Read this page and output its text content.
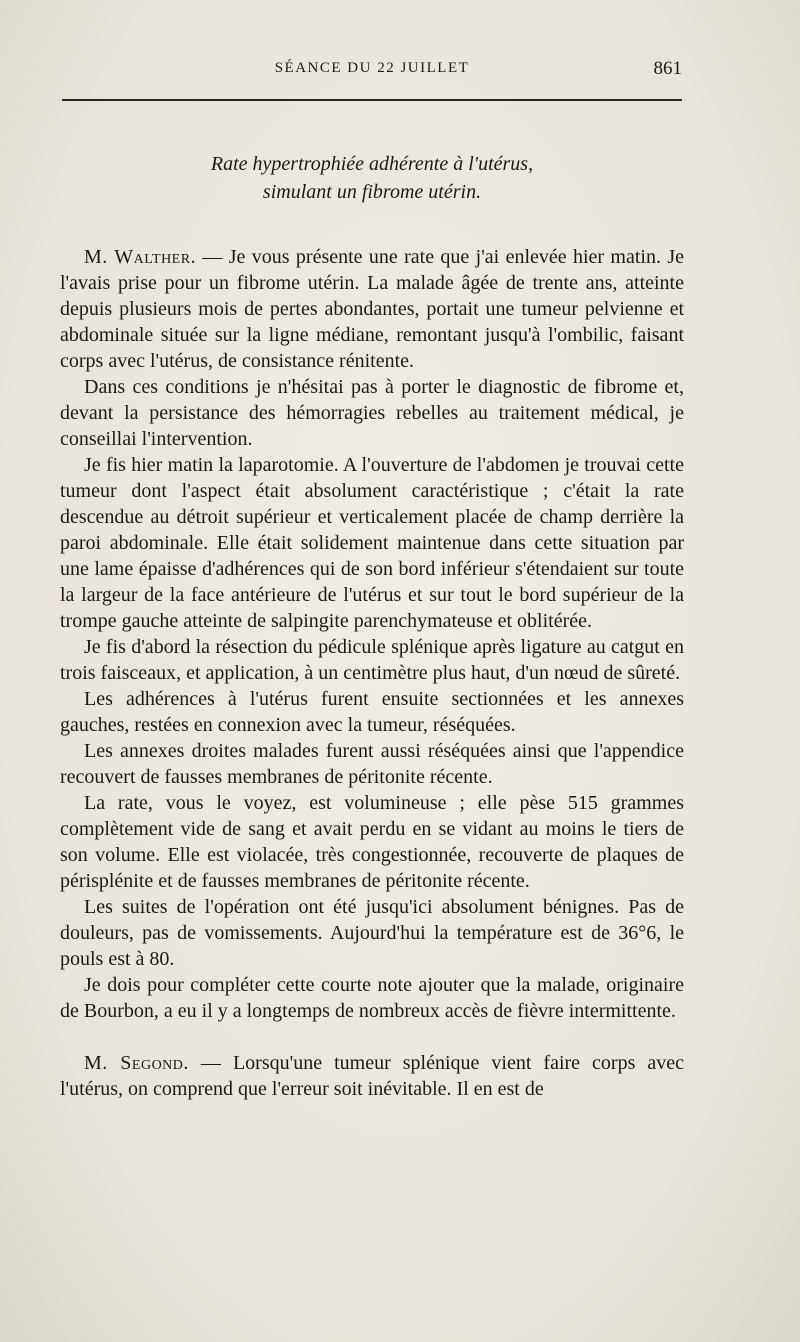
SÉANCE DU 22 JUILLET	861
Rate hypertrophiée adhérente à l'utérus,
simulant un fibrome utérin.

M. Walther. — Je vous présente une rate que j'ai enlevée hier matin. Je l'avais prise pour un fibrome utérin. La malade âgée de trente ans, atteinte depuis plusieurs mois de pertes abondantes, portait une tumeur pelvienne et abdominale située sur la ligne médiane, remontant jusqu'à l'ombilic, faisant corps avec l'utérus, de consistance rénitente.

Dans ces conditions je n'hésitai pas à porter le diagnostic de fibrome et, devant la persistance des hémorragies rebelles au traitement médical, je conseillai l'intervention.

Je fis hier matin la laparotomie. A l'ouverture de l'abdomen je trouvai cette tumeur dont l'aspect était absolument caractéristique ; c'était la rate descendue au détroit supérieur et verticalement placée de champ derrière la paroi abdominale. Elle était solidement maintenue dans cette situation par une lame épaisse d'adhérences qui de son bord inférieur s'étendaient sur toute la largeur de la face antérieure de l'utérus et sur tout le bord supérieur de la trompe gauche atteinte de salpingite parenchymateuse et oblitérée.

Je fis d'abord la résection du pédicule splénique après ligature au catgut en trois faisceaux, et application, à un centimètre plus haut, d'un nœud de sûreté.

Les adhérences à l'utérus furent ensuite sectionnées et les annexes gauches, restées en connexion avec la tumeur, réséquées.

Les annexes droites malades furent aussi réséquées ainsi que l'appendice recouvert de fausses membranes de péritonite récente.

La rate, vous le voyez, est volumineuse ; elle pèse 515 grammes complètement vide de sang et avait perdu en se vidant au moins le tiers de son volume. Elle est violacée, très congestionnée, recouverte de plaques de périsplénite et de fausses membranes de péritonite récente.

Les suites de l'opération ont été jusqu'ici absolument bénignes. Pas de douleurs, pas de vomissements. Aujourd'hui la température est de 36°6, le pouls est à 80.

Je dois pour compléter cette courte note ajouter que la malade, originaire de Bourbon, a eu il y a longtemps de nombreux accès de fièvre intermittente.

M. Segond. — Lorsqu'une tumeur splénique vient faire corps avec l'utérus, on comprend que l'erreur soit inévitable. Il en est de
